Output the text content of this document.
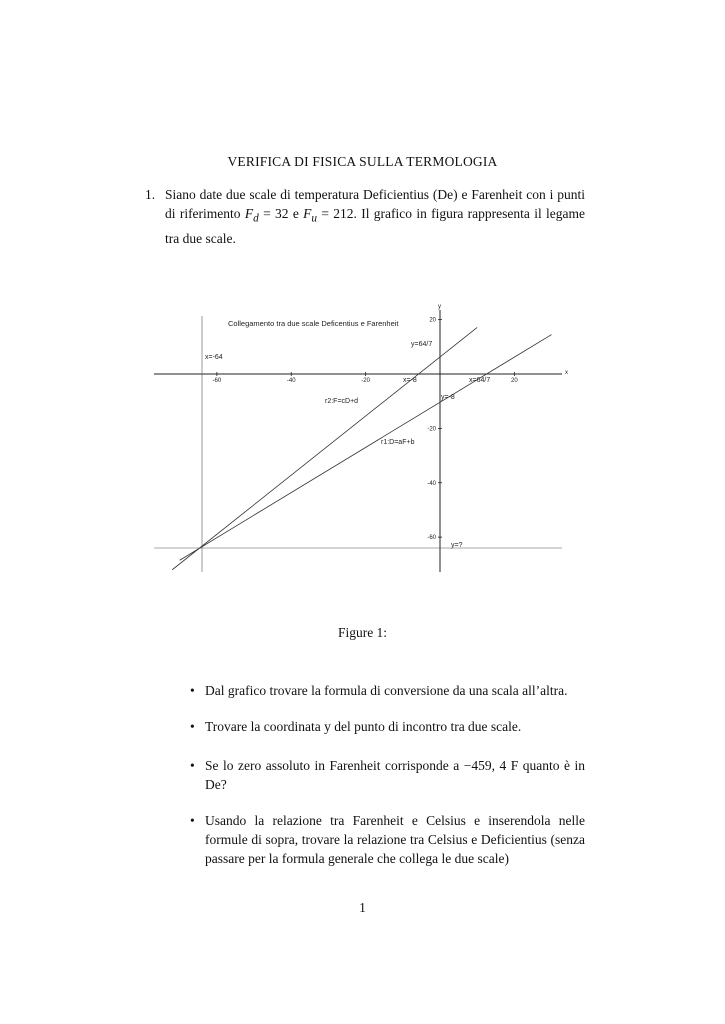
VERIFICA DI FISICA SULLA TERMOLOGIA
1. Siano date due scale di temperatura Deficientius (De) e Farenheit con i punti di riferimento $F_d = 32$ e $F_u = 212$. Il grafico in figura rappresenta il legame tra due scale.
x
y
-60	-40	-20	20
20
-20
-40
-60
Collegamento tra due scale Deficentius e Farenheit
x=-64
y=64/7
x=-8	x=64/7
y=-8
r2:F=cD+d
r1:D=aF+b
y=?
Figure 1:
• Dal grafico trovare la formula di conversione da una scala all’altra.
• Trovare la coordinata y del punto di incontro tra due scale.
• Se lo zero assoluto in Farenheit corrisponde a −459, 4 F quanto è in De?
• Usando la relazione tra Farenheit e Celsius e inserendola nelle formule di sopra, trovare la relazione tra Celsius e Deficientius (senza passare per la formula generale che collega le due scale)
1
